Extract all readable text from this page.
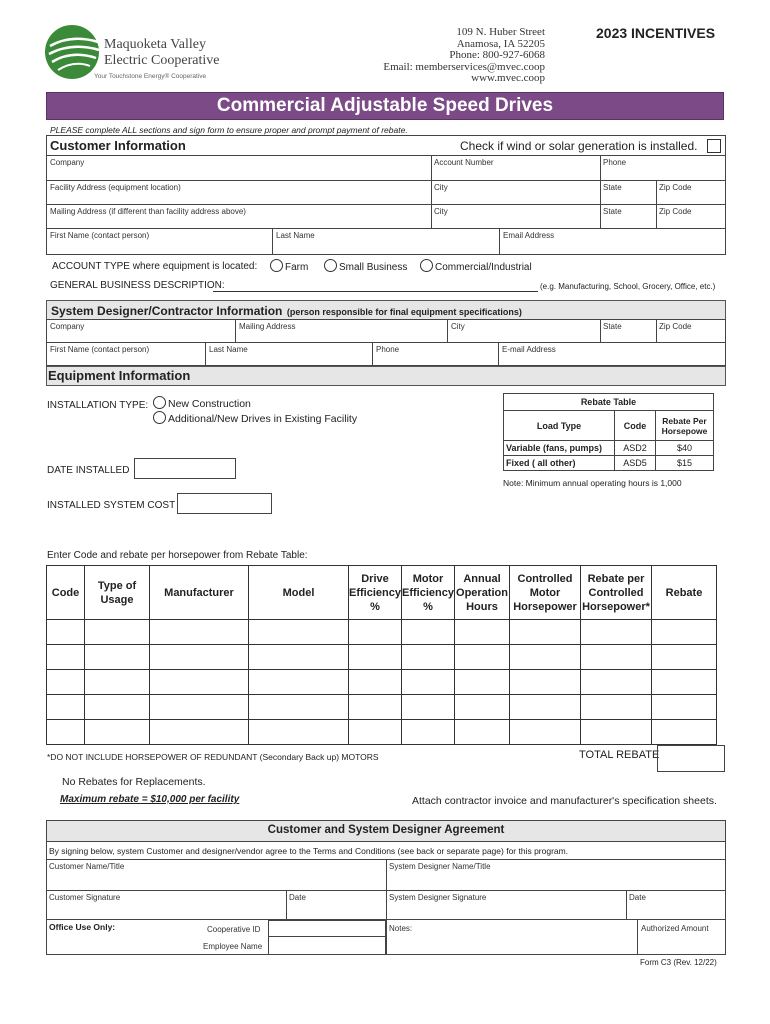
Maquoketa Valley
Electric Cooperative
Your Touchstone Energy® Cooperative
109 N. Huber Street
Anamosa, IA 52205
Phone: 800-927-6068
Email: memberservices@mvec.coop
www.mvec.coop
2023 INCENTIVES
Commercial Adjustable Speed Drives
PLEASE complete ALL sections and sign form to ensure proper and prompt payment of rebate.
Customer Information	Check if wind or solar generation is installed.
Company	Account Number	Phone
Facility Address (equipment location)	City	State	Zip Code
Mailing Address (if different than facility address above)	City	State	Zip Code
First Name (contact person)	Last Name	Email Address
ACCOUNT TYPE where equipment is located:	Farm	Small Business	Commercial/Industrial
GENERAL BUSINESS DESCRIPTION:	(e.g. Manufacturing, School, Grocery, Office, etc.)
System Designer/Contractor Information (person responsible for final equipment specifications)
Company	Mailing Address	City	State	Zip Code
First Name (contact person)	Last Name	Phone	E-mail Address
Equipment Information
INSTALLATION TYPE:	New Construction
Additional/New Drives in Existing Facility
DATE INSTALLED
INSTALLED SYSTEM COST
Rebate Table		
Load Type	Code	Rebate Per Horsepowe
Variable (fans, pumps)	ASD2	$40
Fixed ( all other)	ASD5	$15
Note: Minimum annual operating hours is 1,000
Enter Code and rebate per horsepower from Rebate Table:
Code	Type of Usage	Manufacturer	Model	Drive Efficiency %	Motor Efficiency %	Annual Operation Hours	Controlled Motor Horsepower	Rebate per Controlled Horsepower*	Rebate

*DO NOT INCLUDE HORSEPOWER OF REDUNDANT (Secondary Back up) MOTORS	TOTAL REBATE
No Rebates for Replacements.
Maximum rebate = $10,000 per facility	Attach contractor invoice and manufacturer's specification sheets.
Customer and System Designer Agreement
By signing below, system Customer and designer/vendor agree to the Terms and Conditions (see back or separate page) for this program.
Customer Name/Title	System Designer Name/Title
Customer Signature	Date	System Designer Signature	Date
Office Use Only:	Cooperative ID
Employee Name
Notes:	Authorized Amount
Form C3 (Rev. 12/22)
